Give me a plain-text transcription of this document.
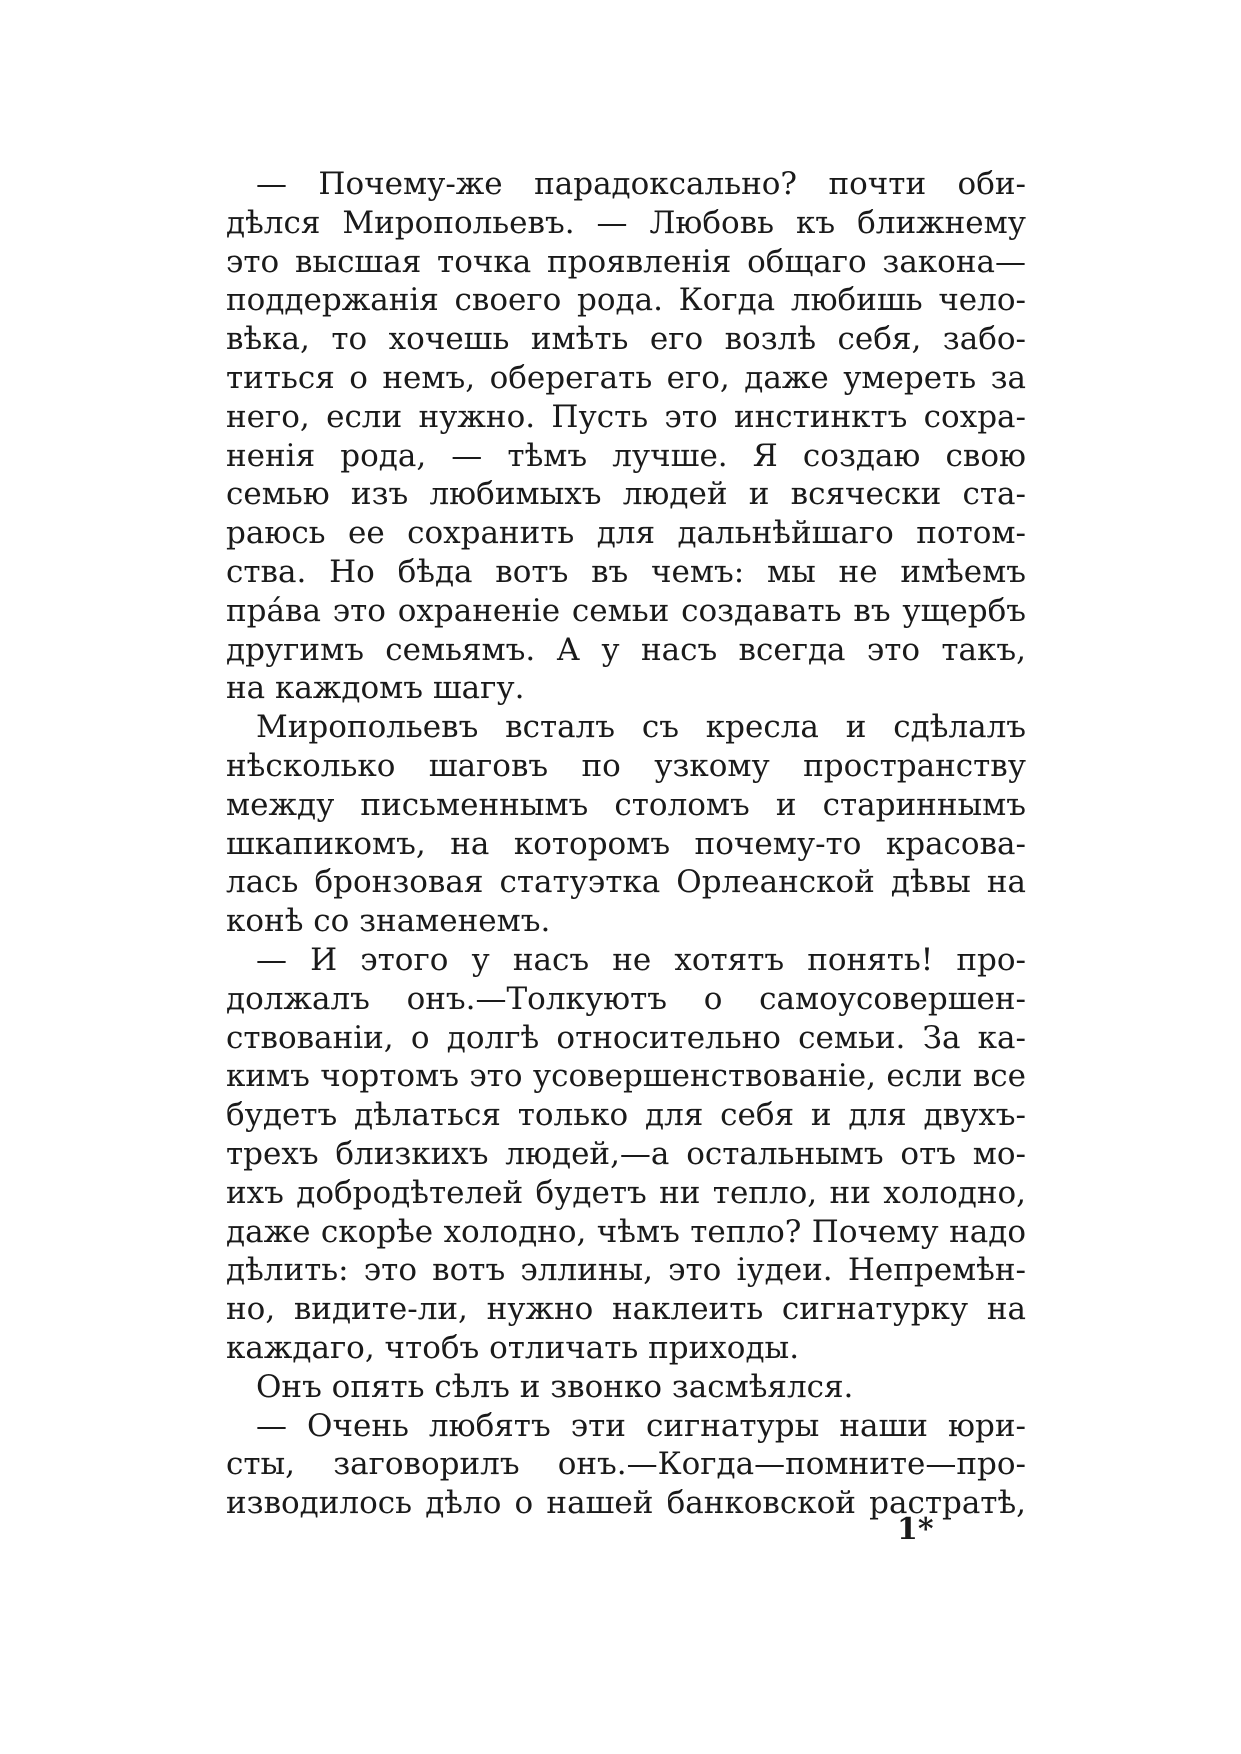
— Почему-же парадоксально? почти оби-
дѣлся Миропольевъ. — Любовь къ ближнему
это высшая точка проявленія общаго закона—
поддержанія своего рода. Когда любишь чело-
вѣка, то хочешь имѣть его возлѣ себя, забо-
титься о немъ, оберегать его, даже умереть за
него, если нужно. Пусть это инстинктъ сохра-
ненія рода, — тѣмъ лучше. Я создаю свою
семью изъ любимыхъ людей и всячески ста-
раюсь ее сохранить для дальнѣйшаго потом-
ства. Но бѣда вотъ въ чемъ: мы не имѣемъ
пра́ва это охраненіе семьи создавать въ ущербъ
другимъ семьямъ. А у насъ всегда это такъ,
на каждомъ шагу.
Миропольевъ всталъ съ кресла и сдѣлалъ
нѣсколько шаговъ по узкому пространству
между письменнымъ столомъ и стариннымъ
шкапикомъ, на которомъ почему-то красова-
лась бронзовая статуэтка Орлеанской дѣвы на
конѣ со знаменемъ.
— И этого у насъ не хотятъ понять! про-
должалъ онъ.—Толкуютъ о самоусовершен-
ствованіи, о долгѣ относительно семьи. За ка-
кимъ чортомъ это усовершенствованіе, если все
будетъ дѣлаться только для себя и для двухъ-
трехъ близкихъ людей,—а остальнымъ отъ мо-
ихъ добродѣтелей будетъ ни тепло, ни холодно,
даже скорѣе холодно, чѣмъ тепло? Почему надо
дѣлить: это вотъ эллины, это іудеи. Непремѣн-
но, видите-ли, нужно наклеить сигнатурку на
каждаго, чтобъ отличать приходы.
Онъ опять сѣлъ и звонко засмѣялся.
— Очень любятъ эти сигнатуры наши юри-
сты, заговорилъ онъ.—Когда—помните—про-
изводилось дѣло о нашей банковской растратѣ,
1*
